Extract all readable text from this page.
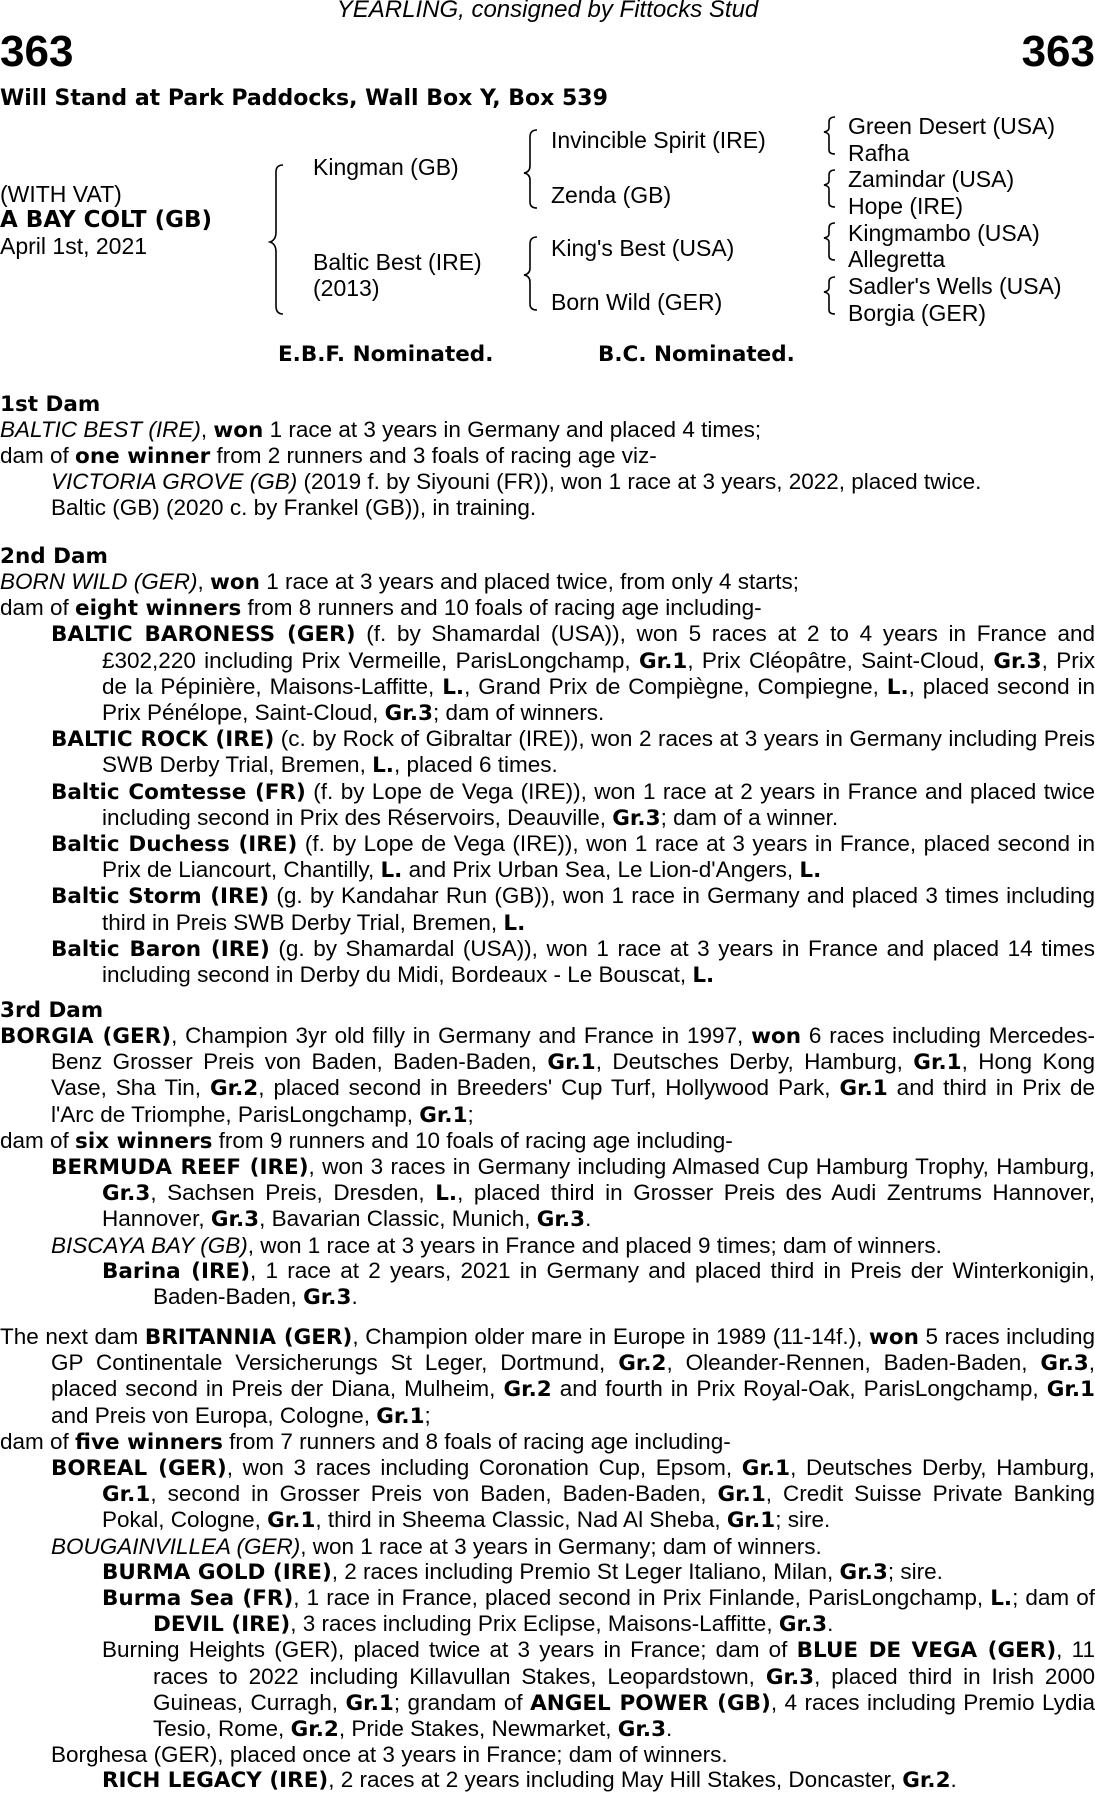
YEARLING, consigned by Fittocks Stud
363	363
Will Stand at Park Paddocks, Wall Box Y, Box 539
(WITH VAT)
A BAY COLT (GB)
April 1st, 2021
Kingman (GB)
Baltic Best (IRE)
(2013)
Invincible Spirit (IRE)
Zenda (GB)
King's Best (USA)
Born Wild (GER)
Green Desert (USA)
Rafha
Zamindar (USA)
Hope (IRE)
Kingmambo (USA)
Allegretta
Sadler's Wells (USA)
Borgia (GER)
E.B.F. Nominated.	B.C. Nominated.
1st Dam

BALTIC BEST (IRE), won 1 race at 3 years in Germany and placed 4 times;

dam of one winner from 2 runners and 3 foals of racing age viz-

VICTORIA GROVE (GB) (2019 f. by Siyouni (FR)), won 1 race at 3 years, 2022, placed twice.

Baltic (GB) (2020 c. by Frankel (GB)), in training.

2nd Dam

BORN WILD (GER), won 1 race at 3 years and placed twice, from only 4 starts;

dam of eight winners from 8 runners and 10 foals of racing age including-

BALTIC BARONESS (GER) (f. by Shamardal (USA)), won 5 races at 2 to 4 years in France and £302,220 including Prix Vermeille, ParisLongchamp, Gr.1, Prix Cléopâtre, Saint-Cloud, Gr.3, Prix de la Pépinière, Maisons-Laffitte, L., Grand Prix de Compiègne, Compiegne, L., placed second in Prix Pénélope, Saint-Cloud, Gr.3; dam of winners.

BALTIC ROCK (IRE) (c. by Rock of Gibraltar (IRE)), won 2 races at 3 years in Germany including Preis SWB Derby Trial, Bremen, L., placed 6 times.

Baltic Comtesse (FR) (f. by Lope de Vega (IRE)), won 1 race at 2 years in France and placed twice including second in Prix des Réservoirs, Deauville, Gr.3; dam of a winner.

Baltic Duchess (IRE) (f. by Lope de Vega (IRE)), won 1 race at 3 years in France, placed second in Prix de Liancourt, Chantilly, L. and Prix Urban Sea, Le Lion-d'Angers, L.

Baltic Storm (IRE) (g. by Kandahar Run (GB)), won 1 race in Germany and placed 3 times including third in Preis SWB Derby Trial, Bremen, L.

Baltic Baron (IRE) (g. by Shamardal (USA)), won 1 race at 3 years in France and placed 14 times including second in Derby du Midi, Bordeaux - Le Bouscat, L.

3rd Dam

BORGIA (GER), Champion 3yr old filly in Germany and France in 1997, won 6 races including Mercedes-Benz Grosser Preis von Baden, Baden-Baden, Gr.1, Deutsches Derby, Hamburg, Gr.1, Hong Kong Vase, Sha Tin, Gr.2, placed second in Breeders' Cup Turf, Hollywood Park, Gr.1 and third in Prix de l'Arc de Triomphe, ParisLongchamp, Gr.1;

dam of six winners from 9 runners and 10 foals of racing age including-

BERMUDA REEF (IRE), won 3 races in Germany including Almased Cup Hamburg Trophy, Hamburg, Gr.3, Sachsen Preis, Dresden, L., placed third in Grosser Preis des Audi Zentrums Hannover, Hannover, Gr.3, Bavarian Classic, Munich, Gr.3.

BISCAYA BAY (GB), won 1 race at 3 years in France and placed 9 times; dam of winners.

Barina (IRE), 1 race at 2 years, 2021 in Germany and placed third in Preis der Winterkonigin, Baden-Baden, Gr.3.

The next dam BRITANNIA (GER), Champion older mare in Europe in 1989 (11-14f.), won 5 races including GP Continentale Versicherungs St Leger, Dortmund, Gr.2, Oleander-Rennen, Baden-Baden, Gr.3, placed second in Preis der Diana, Mulheim, Gr.2 and fourth in Prix Royal-Oak, ParisLongchamp, Gr.1 and Preis von Europa, Cologne, Gr.1;

dam of five winners from 7 runners and 8 foals of racing age including-

BOREAL (GER), won 3 races including Coronation Cup, Epsom, Gr.1, Deutsches Derby, Hamburg, Gr.1, second in Grosser Preis von Baden, Baden-Baden, Gr.1, Credit Suisse Private Banking Pokal, Cologne, Gr.1, third in Sheema Classic, Nad Al Sheba, Gr.1; sire.

BOUGAINVILLEA (GER), won 1 race at 3 years in Germany; dam of winners.

BURMA GOLD (IRE), 2 races including Premio St Leger Italiano, Milan, Gr.3; sire.

Burma Sea (FR), 1 race in France, placed second in Prix Finlande, ParisLongchamp, L.; dam of DEVIL (IRE), 3 races including Prix Eclipse, Maisons-Laffitte, Gr.3.

Burning Heights (GER), placed twice at 3 years in France; dam of BLUE DE VEGA (GER), 11 races to 2022 including Killavullan Stakes, Leopardstown, Gr.3, placed third in Irish 2000 Guineas, Curragh, Gr.1; grandam of ANGEL POWER (GB), 4 races including Premio Lydia Tesio, Rome, Gr.2, Pride Stakes, Newmarket, Gr.3.

Borghesa (GER), placed once at 3 years in France; dam of winners.

RICH LEGACY (IRE), 2 races at 2 years including May Hill Stakes, Doncaster, Gr.2.
